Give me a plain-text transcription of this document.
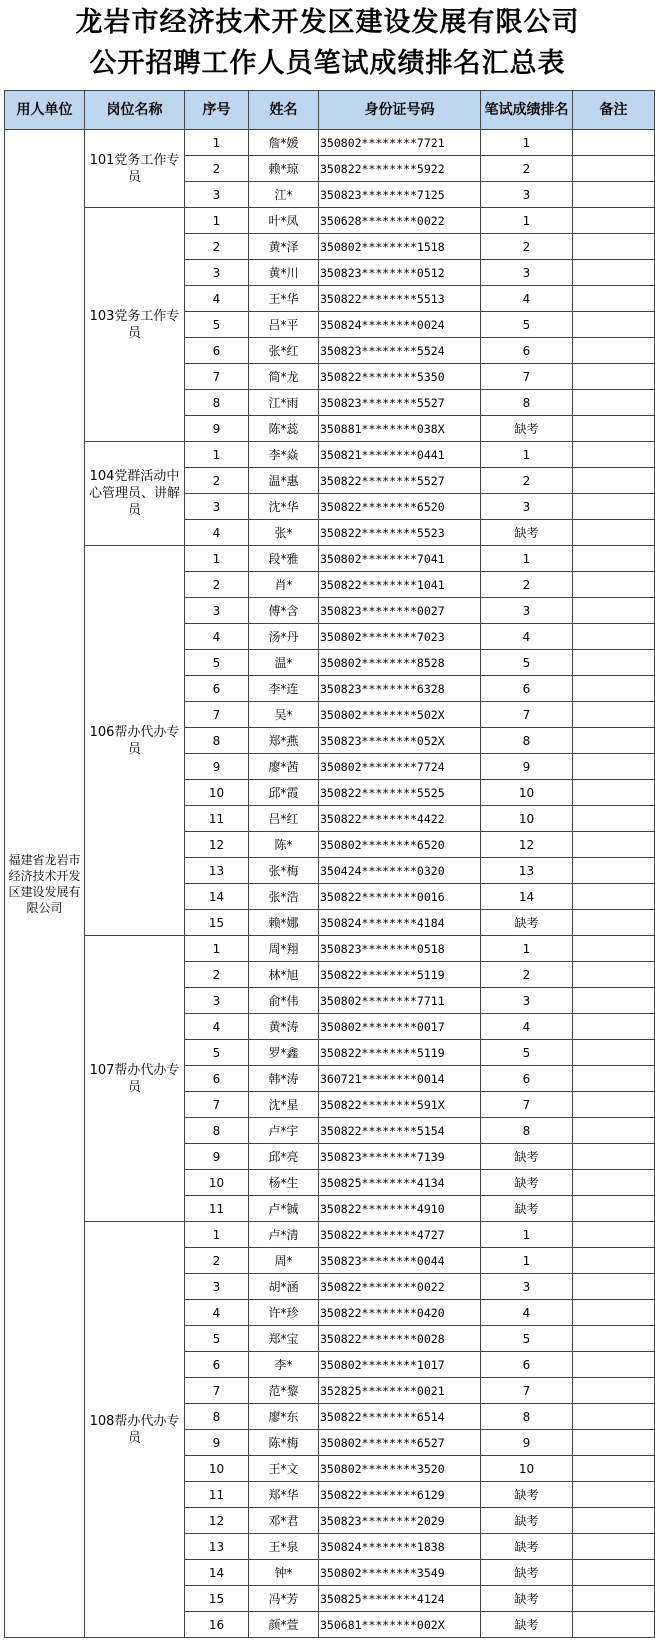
龙岩市经济技术开发区建设发展有限公司
公开招聘工作人员笔试成绩排名汇总表
用人单位	岗位名称	序号	姓名	身份证号码	笔试成绩排名	备注
福建省龙岩市经济技术开发区建设发展有限公司	101党务工作专员	1	詹*媛	350802********7721	1	
		2	赖*琼	350822********5922	2	
		3	江*	350823********7125	3	
	103党务工作专员	1	叶*凤	350628********0022	1	
		2	黄*泽	350802********1518	2	
		3	黄*川	350823********0512	3	
		4	王*华	350822********5513	4	
		5	吕*平	350824********0024	5	
		6	张*红	350823********5524	6	
		7	简*龙	350822********5350	7	
		8	江*雨	350823********5527	8	
		9	陈*蕊	350881********038X	缺考	
	104党群活动中心管理员、讲解员	1	李*焱	350821********0441	1	
		2	温*惠	350822********5527	2	
		3	沈*华	350822********6520	3	
		4	张*	350822********5523	缺考	
	106帮办代办专员	1	段*雅	350802********7041	1	
		2	肖*	350822********1041	2	
		3	傅*含	350823********0027	3	
		4	汤*丹	350802********7023	4	
		5	温*	350802********8528	5	
		6	李*连	350823********6328	6	
		7	吴*	350802********502X	7	
		8	郑*燕	350823********052X	8	
		9	廖*茜	350802********7724	9	
		10	邱*霞	350822********5525	10	
		11	吕*红	350822********4422	10	
		12	陈*	350802********6520	12	
		13	张*梅	350424********0320	13	
		14	张*浩	350822********0016	14	
		15	赖*娜	350824********4184	缺考	
	107帮办代办专员	1	周*翔	350823********0518	1	
		2	林*旭	350822********5119	2	
		3	俞*伟	350802********7711	3	
		4	黄*涛	350802********0017	4	
		5	罗*鑫	350822********5119	5	
		6	韩*涛	360721********0014	6	
		7	沈*星	350822********591X	7	
		8	卢*宇	350822********5154	8	
		9	邱*亮	350823********7139	缺考	
		10	杨*生	350825********4134	缺考	
		11	卢*铖	350822********4910	缺考	
	108帮办代办专员	1	卢*清	350822********4727	1	
		2	周*	350823********0044	1	
		3	胡*涵	350822********0022	3	
		4	许*珍	350822********0420	4	
		5	郑*宝	350822********0028	5	
		6	李*	350802********1017	6	
		7	范*黎	352825********0021	7	
		8	廖*东	350822********6514	8	
		9	陈*梅	350802********6527	9	
		10	王*文	350802********3520	10	
		11	郑*华	350822********6129	缺考	
		12	邓*君	350823********2029	缺考	
		13	王*泉	350824********1838	缺考	
		14	钟*	350802********3549	缺考	
		15	冯*芳	350825********4124	缺考	
		16	颜*萱	350681********002X	缺考	
